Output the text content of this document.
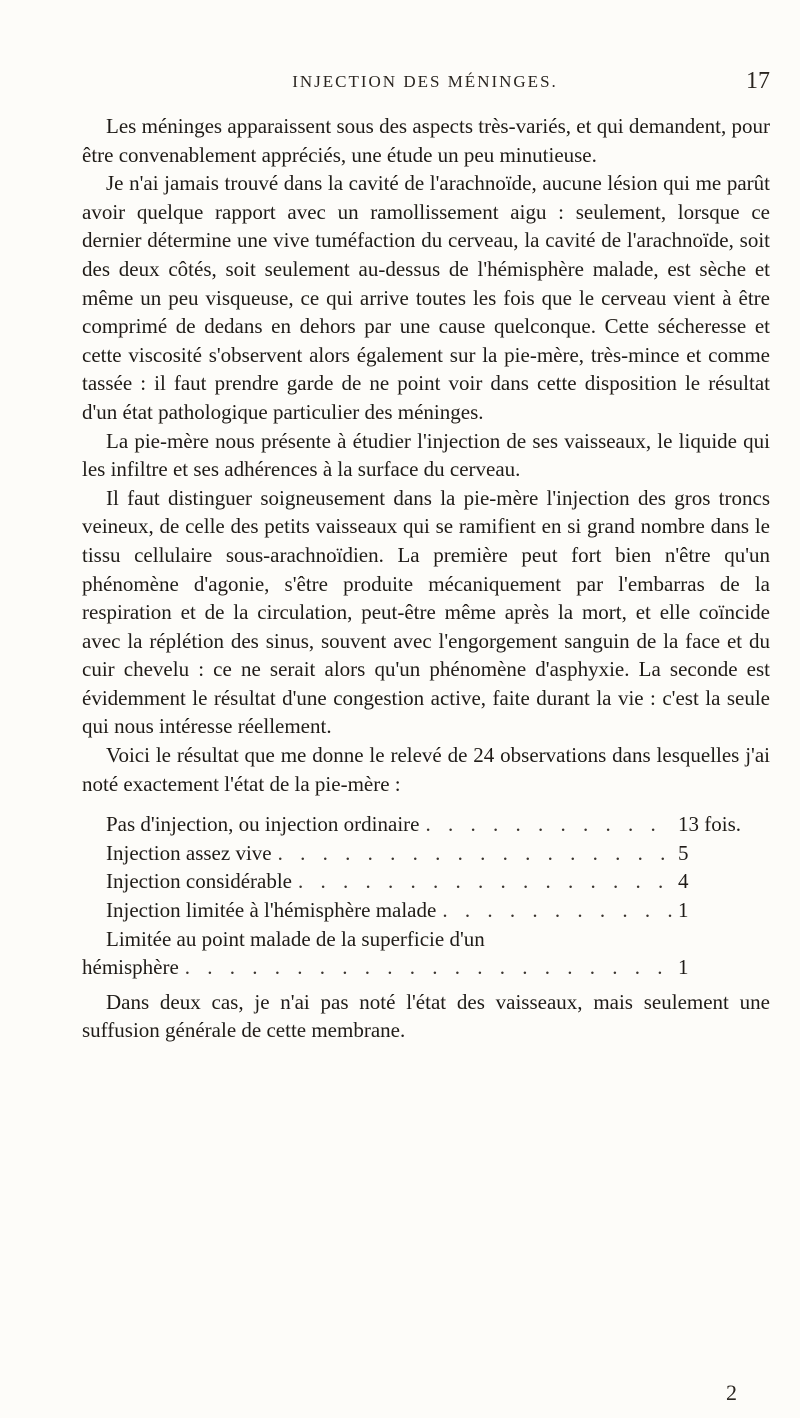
INJECTION DES MÉNINGES.	17

Les méninges apparaissent sous des aspects très-variés, et qui demandent, pour être convenablement appréciés, une étude un peu minutieuse.

Je n'ai jamais trouvé dans la cavité de l'arachnoïde, aucune lésion qui me parût avoir quelque rapport avec un ramollissement aigu : seulement, lorsque ce dernier détermine une vive tuméfaction du cerveau, la cavité de l'arachnoïde, soit des deux côtés, soit seulement au-dessus de l'hémisphère malade, est sèche et même un peu visqueuse, ce qui arrive toutes les fois que le cerveau vient à être comprimé de dedans en dehors par une cause quelconque. Cette sécheresse et cette viscosité s'observent alors également sur la pie-mère, très-mince et comme tassée : il faut prendre garde de ne point voir dans cette disposition le résultat d'un état pathologique particulier des méninges.

La pie-mère nous présente à étudier l'injection de ses vaisseaux, le liquide qui les infiltre et ses adhérences à la surface du cerveau.

Il faut distinguer soigneusement dans la pie-mère l'injection des gros troncs veineux, de celle des petits vaisseaux qui se ramifient en si grand nombre dans le tissu cellulaire sous-arachnoïdien. La première peut fort bien n'être qu'un phénomène d'agonie, s'être produite mécaniquement par l'embarras de la respiration et de la circulation, peut-être même après la mort, et elle coïncide avec la réplétion des sinus, souvent avec l'engorgement sanguin de la face et du cuir chevelu : ce ne serait alors qu'un phénomène d'asphyxie. La seconde est évidemment le résultat d'une congestion active, faite durant la vie : c'est la seule qui nous intéresse réellement.

Voici le résultat que me donne le relevé de 24 observations dans lesquelles j'ai noté exactement l'état de la pie-mère :

Pas d'injection, ou injection ordinaire . . .	13 fois.
Injection assez vive . . .	5
Injection considérable . . .	4
Injection limitée à l'hémisphère malade . . .	1
Limitée au point malade de la superficie d'un
hémisphère . . .	1

Dans deux cas, je n'ai pas noté l'état des vaisseaux, mais seulement une suffusion générale de cette membrane.

2
